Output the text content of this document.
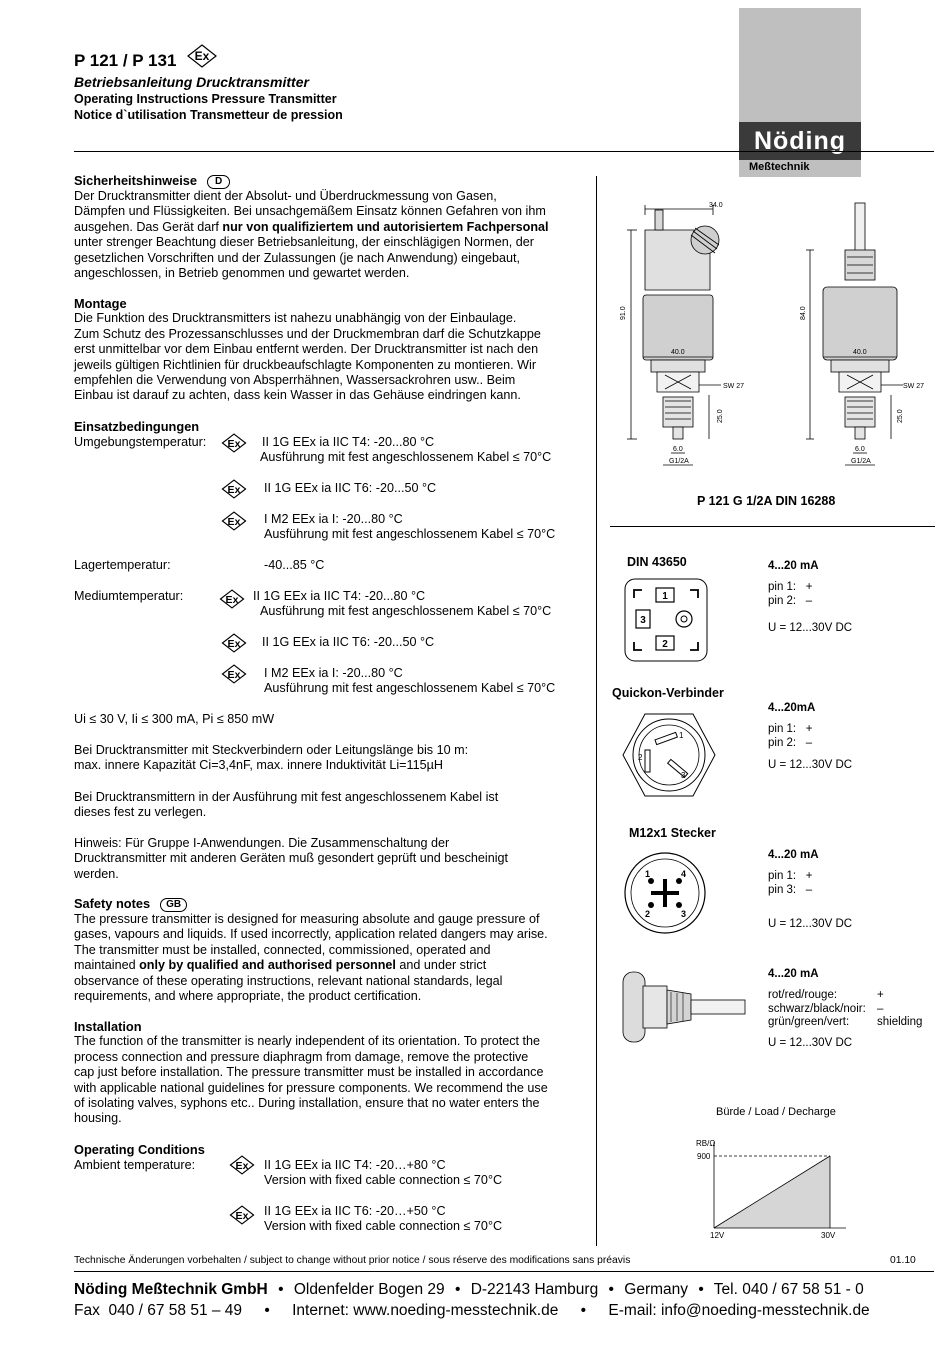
P 121 / P 131 Ex
Betriebsanleitung Drucktransmitter
Operating Instructions Pressure Transmitter
Notice d`utilisation Transmetteur de pression
Nöding
Meßtechnik

Sicherheitshinweise D

Der Drucktransmitter dient der Absolut- und Überdruckmessung von Gasen,

Dämpfen und Flüssigkeiten. Bei unsachgemäßem Einsatz können Gefahren von ihm

ausgehen. Das Gerät darf nur von qualifiziertem und autorisiertem Fachpersonal

unter strenger Beachtung dieser Betriebsanleitung, der einschlägigen Normen, der

gesetzlichen Vorschriften und der Zulassungen (je nach Anwendung) eingebaut,

angeschlossen, in Betrieb genommen und gewartet werden.

Montage

Die Funktion des Drucktransmitters ist nahezu unabhängig von der Einbaulage.

Zum Schutz des Prozessanschlusses und der Druckmembran darf die Schutzkappe

erst unmittelbar vor dem Einbau entfernt werden. Der Drucktransmitter ist nach den

jeweils gültigen Richtlinien für druckbeaufschlagte Komponenten zu montieren. Wir

empfehlen die Verwendung von Absperrhähnen, Wassersackrohren usw.. Beim

Einbau ist darauf zu achten, dass kein Wasser in das Gehäuse eindringen kann.

Einsatzbedingungen
Umgebungstemperatur:	II 1G EEx ia IIC T4: -20...80 °C
Ausführung mit fest angeschlossenem Kabel ≤ 70°C
II 1G EEx ia IIC T6: -20...50 °C
I M2 EEx ia I: -20...80 °C
Ausführung mit fest angeschlossenem Kabel ≤ 70°C
Lagertemperatur:	-40...85 °C
Mediumtemperatur:	II 1G EEx ia IIC T4: -20...80 °C
Ausführung mit fest angeschlossenem Kabel ≤ 70°C
II 1G EEx ia IIC T6: -20...50 °C
I M2 EEx ia I: -20...80 °C
Ausführung mit fest angeschlossenem Kabel ≤ 70°C
Ui ≤ 30 V, Ii ≤ 300 mA, Pi ≤ 850 mW

Bei Drucktransmitter mit Steckverbindern oder Leitungslänge bis 10 m:

max. innere Kapazität Ci=3,4nF, max. innere Induktivität Li=115µH

Bei Drucktransmittern in der Ausführung mit fest angeschlossenem Kabel ist

dieses fest zu verlegen.

Hinweis: Für Gruppe I-Anwendungen. Die Zusammenschaltung der

Drucktransmitter mit anderen Geräten muß gesondert geprüft und bescheinigt

werden.

Safety notes GB

The pressure transmitter is designed for measuring absolute and gauge pressure of

gases, vapours and liquids. If used incorrectly, application related dangers may arise.

The transmitter must be installed, connected, commissioned, operated and

maintained only by qualified and authorised personnel and under strict

observance of these operating instructions, relevant national standards, legal

requirements, and where appropriate, the product certification.

Installation

The function of the transmitter is nearly independent of its orientation. To protect the

process connection and pressure diaphragm from damage, remove the protective

cap just before installation. The pressure transmitter must be installed in accordance

with applicable national guidelines for pressure components. We recommend the use

of isolating valves, syphons etc.. During installation, ensure that no water enters the

housing.

Operating Conditions
Ambient temperature:	II 1G EEx ia IIC T4: -20…+80 °C
Version with fixed cable connection ≤ 70°C
II 1G EEx ia IIC T6: -20…+50 °C
Version with fixed cable connection ≤ 70°C
34.0
91.0	84.0
40.0	40.0
SW 27	SW 27
25.0	25.0
6.0	6.0
G1/2A	G1/2A
P 121 G 1/2A DIN 16288
DIN 43650
1
3
2
4...20 mA
pin 1:   +
pin 2:   –
U = 12...30V DC
Quickon-Verbinder
1
2
3
4...20mA
pin 1:   +
pin 2:   –
U = 12...30V DC
M12x1 Stecker
1	4
2	3
4...20 mA
pin 1:   +
pin 3:   –
U = 12...30V DC
4...20 mA
rot/red/rouge:	+
schwarz/black/noir: –
grün/green/vert: shielding
U = 12...30V DC
Bürde / Load / Decharge
RB/Ω
900
12V	30V
Technische Änderungen vorbehalten / subject to change without prior notice / sous réserve des modifications sans préavis	01.10
Nöding Meßtechnik GmbH • Oldenfelder Bogen 29 • D-22143 Hamburg • Germany • Tel. 040 / 67 58 51 - 0
Fax  040 / 67 58 51 – 49 • Internet: www.noeding-messtechnik.de • E-mail: info@noeding-messtechnik.de
